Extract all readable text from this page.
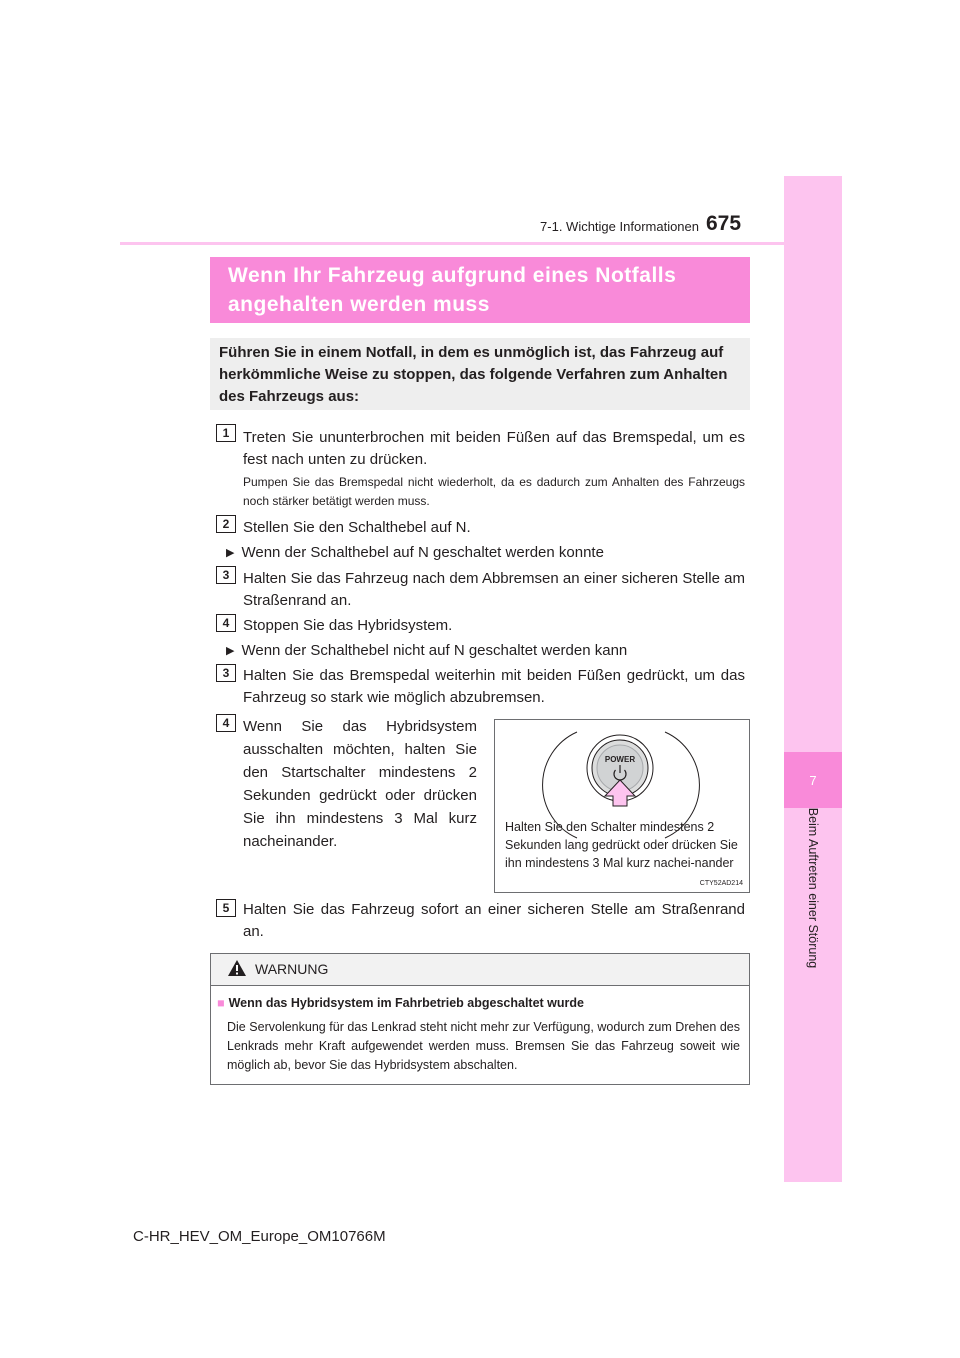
7
Beim Auftreten einer Störung
7-1. Wichtige Informationen 675
Wenn Ihr Fahrzeug aufgrund eines Notfalls angehalten werden muss
Führen Sie in einem Notfall, in dem es unmöglich ist, das Fahrzeug auf herkömmliche Weise zu stoppen, das folgende Verfahren zum Anhalten des Fahrzeugs aus:
1 Treten Sie ununterbrochen mit beiden Füßen auf das Bremspedal, um es fest nach unten zu drücken.
Pumpen Sie das Bremspedal nicht wiederholt, da es dadurch zum Anhalten des Fahrzeugs noch stärker betätigt werden muss.
2 Stellen Sie den Schalthebel auf N.
▶ Wenn der Schalthebel auf N geschaltet werden konnte
3 Halten Sie das Fahrzeug nach dem Abbremsen an einer sicheren Stelle am Straßenrand an.
4 Stoppen Sie das Hybridsystem.
▶ Wenn der Schalthebel nicht auf N geschaltet werden kann
3 Halten Sie das Bremspedal weiterhin mit beiden Füßen gedrückt, um das Fahrzeug so stark wie möglich abzubremsen.
4 Wenn Sie das Hybridsystem ausschalten möchten, halten Sie den Startschalter mindestens 2 Sekunden gedrückt oder drücken Sie ihn mindestens 3 Mal kurz nacheinander.
POWER
Halten Sie den Schalter mindestens 2 Sekunden lang gedrückt oder drücken Sie ihn mindestens 3 Mal kurz nachei-nander
CTY52AD214
5 Halten Sie das Fahrzeug sofort an einer sicheren Stelle am Straßenrand an.
WARNUNG
■ Wenn das Hybridsystem im Fahrbetrieb abgeschaltet wurde
Die Servolenkung für das Lenkrad steht nicht mehr zur Verfügung, wodurch zum Drehen des Lenkrads mehr Kraft aufgewendet werden muss. Bremsen Sie das Fahrzeug soweit wie möglich ab, bevor Sie das Hybridsystem abschalten.
C-HR_HEV_OM_Europe_OM10766M
